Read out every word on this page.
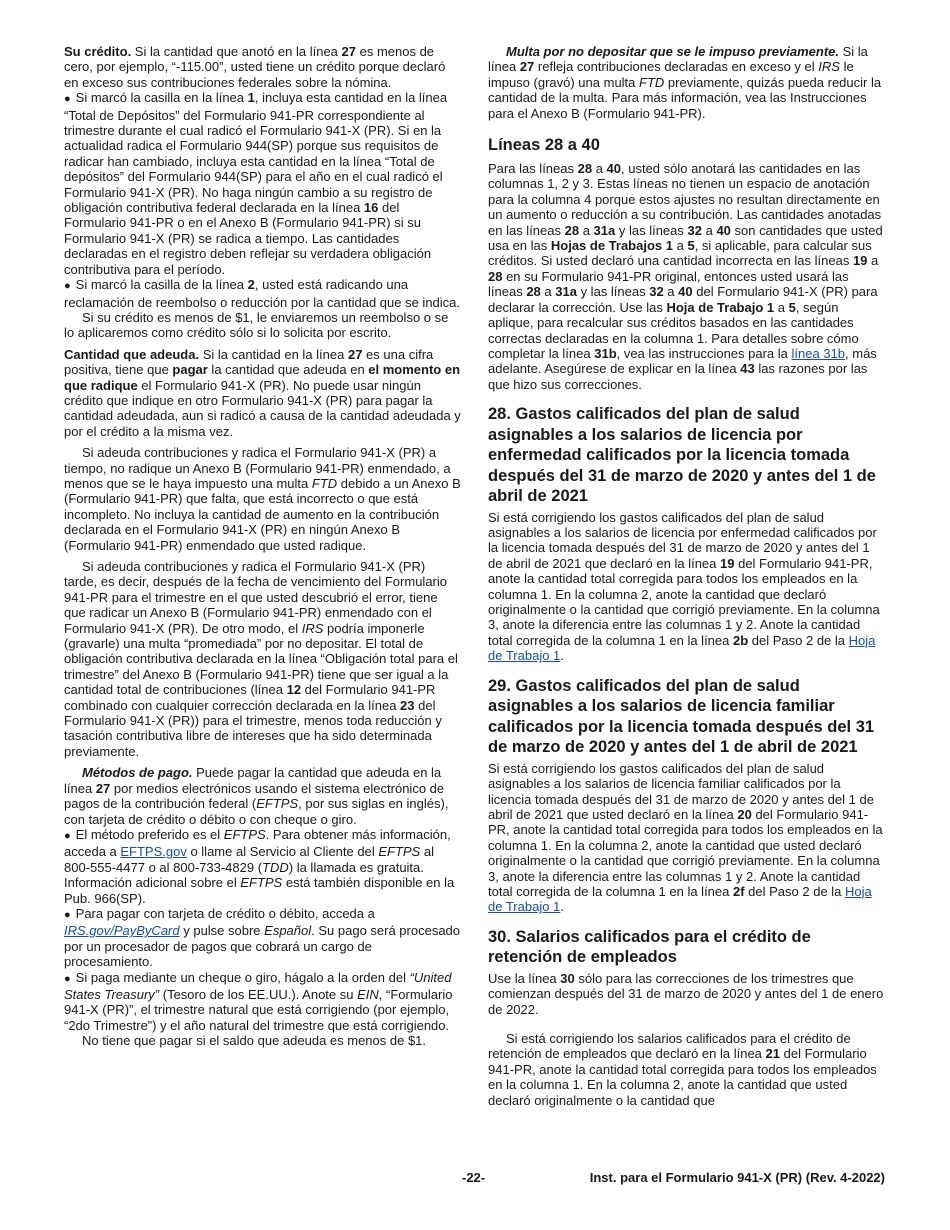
Su crédito. Si la cantidad que anotó en la línea 27 es menos de cero, por ejemplo, “-115.00”, usted tiene un crédito porque declaró en exceso sus contribuciones federales sobre la nómina.

● Si marcó la casilla en la línea 1, incluya esta cantidad en la línea “Total de Depósitos” del Formulario 941-PR correspondiente al trimestre durante el cual radicó el Formulario 941-X (PR). Si en la actualidad radica el Formulario 944(SP) porque sus requisitos de radicar han cambiado, incluya esta cantidad en la línea “Total de depósitos” del Formulario 944(SP) para el año en el cual radicó el Formulario 941-X (PR). No haga ningún cambio a su registro de obligación contributiva federal declarada en la línea 16 del Formulario 941-PR o en el Anexo B (Formulario 941-PR) si su Formulario 941-X (PR) se radica a tiempo. Las cantidades declaradas en el registro deben reflejar su verdadera obligación contributiva para el período.

● Si marcó la casilla de la línea 2, usted está radicando una reclamación de reembolso o reducción por la cantidad que se indica.

Si su crédito es menos de $1, le enviaremos un reembolso o se lo aplicaremos como crédito sólo si lo solicita por escrito.

Cantidad que adeuda. Si la cantidad en la línea 27 es una cifra positiva, tiene que pagar la cantidad que adeuda en el momento en que radique el Formulario 941-X (PR). No puede usar ningún crédito que indique en otro Formulario 941-X (PR) para pagar la cantidad adeudada, aun si radicó a causa de la cantidad adeudada y por el crédito a la misma vez.

Si adeuda contribuciones y radica el Formulario 941-X (PR) a tiempo, no radique un Anexo B (Formulario 941-PR) enmendado, a menos que se le haya impuesto una multa FTD debido a un Anexo B (Formulario 941-PR) que falta, que está incorrecto o que está incompleto. No incluya la cantidad de aumento en la contribución declarada en el Formulario 941-X (PR) en ningún Anexo B (Formulario 941-PR) enmendado que usted radique.

Si adeuda contribuciones y radica el Formulario 941-X (PR) tarde, es decir, después de la fecha de vencimiento del Formulario 941-PR para el trimestre en el que usted descubrió el error, tiene que radicar un Anexo B (Formulario 941-PR) enmendado con el Formulario 941-X (PR). De otro modo, el IRS podría imponerle (gravarle) una multa “promediada” por no depositar. El total de obligación contributiva declarada en la línea “Obligación total para el trimestre” del Anexo B (Formulario 941-PR) tiene que ser igual a la cantidad total de contribuciones (línea 12 del Formulario 941-PR combinado con cualquier corrección declarada en la línea 23 del Formulario 941-X (PR)) para el trimestre, menos toda reducción y tasación contributiva libre de intereses que ha sido determinada previamente.

Métodos de pago. Puede pagar la cantidad que adeuda en la línea 27 por medios electrónicos usando el sistema electrónico de pagos de la contribución federal (EFTPS, por sus siglas en inglés), con tarjeta de crédito o débito o con cheque o giro.

● El método preferido es el EFTPS. Para obtener más información, acceda a EFTPS.gov o llame al Servicio al Cliente del EFTPS al 800-555-4477 o al 800-733-4829 (TDD) la llamada es gratuita. Información adicional sobre el EFTPS está también disponible en la Pub. 966(SP).

● Para pagar con tarjeta de crédito o débito, acceda a IRS.gov/PayByCard y pulse sobre Español. Su pago será procesado por un procesador de pagos que cobrará un cargo de procesamiento.

● Si paga mediante un cheque o giro, hágalo a la orden del “United States Treasury” (Tesoro de los EE.UU.). Anote su EIN, “Formulario 941-X (PR)”, el trimestre natural que está corrigiendo (por ejemplo, “2do Trimestre”) y el año natural del trimestre que está corrigiendo.

No tiene que pagar si el saldo que adeuda es menos de $1.

Multa por no depositar que se le impuso previamente. Si la línea 27 refleja contribuciones declaradas en exceso y el IRS le impuso (gravó) una multa FTD previamente, quizás pueda reducir la cantidad de la multa. Para más información, vea las Instrucciones para el Anexo B (Formulario 941-PR).

Líneas 28 a 40

Para las líneas 28 a 40, usted sólo anotará las cantidades en las columnas 1, 2 y 3. Estas líneas no tienen un espacio de anotación para la columna 4 porque estos ajustes no resultan directamente en un aumento o reducción a su contribución. Las cantidades anotadas en las líneas 28 a 31a y las líneas 32 a 40 son cantidades que usted usa en las Hojas de Trabajos 1 a 5, si aplicable, para calcular sus créditos. Si usted declaró una cantidad incorrecta en las líneas 19 a 28 en su Formulario 941-PR original, entonces usted usará las líneas 28 a 31a y las líneas 32 a 40 del Formulario 941-X (PR) para declarar la corrección. Use las Hoja de Trabajo 1 a 5, según aplique, para recalcular sus créditos basados en las cantidades correctas declaradas en la columna 1. Para detalles sobre cómo completar la línea 31b, vea las instrucciones para la línea 31b, más adelante. Asegúrese de explicar en la línea 43 las razones por las que hizo sus correcciones.

28. Gastos calificados del plan de salud asignables a los salarios de licencia por enfermedad calificados por la licencia tomada después del 31 de marzo de 2020 y antes del 1 de abril de 2021

Si está corrigiendo los gastos calificados del plan de salud asignables a los salarios de licencia por enfermedad calificados por la licencia tomada después del 31 de marzo de 2020 y antes del 1 de abril de 2021 que declaró en la línea 19 del Formulario 941-PR, anote la cantidad total corregida para todos los empleados en la columna 1. En la columna 2, anote la cantidad que declaró originalmente o la cantidad que corrigió previamente. En la columna 3, anote la diferencia entre las columnas 1 y 2. Anote la cantidad total corregida de la columna 1 en la línea 2b del Paso 2 de la Hoja de Trabajo 1.

29. Gastos calificados del plan de salud asignables a los salarios de licencia familiar calificados por la licencia tomada después del 31 de marzo de 2020 y antes del 1 de abril de 2021

Si está corrigiendo los gastos calificados del plan de salud asignables a los salarios de licencia familiar calificados por la licencia tomada después del 31 de marzo de 2020 y antes del 1 de abril de 2021 que usted declaró en la línea 20 del Formulario 941-PR, anote la cantidad total corregida para todos los empleados en la columna 1. En la columna 2, anote la cantidad que usted declaró originalmente o la cantidad que corrigió previamente. En la columna 3, anote la diferencia entre las columnas 1 y 2. Anote la cantidad total corregida de la columna 1 en la línea 2f del Paso 2 de la Hoja de Trabajo 1.

30. Salarios calificados para el crédito de retención de empleados

Use la línea 30 sólo para las correcciones de los trimestres que comienzan después del 31 de marzo de 2020 y antes del 1 de enero de 2022.

Si está corrigiendo los salarios calificados para el crédito de retención de empleados que declaró en la línea 21 del Formulario 941-PR, anote la cantidad total corregida para todos los empleados en la columna 1. En la columna 2, anote la cantidad que usted declaró originalmente o la cantidad que

-22-	Inst. para el Formulario 941-X (PR) (Rev. 4-2022)
